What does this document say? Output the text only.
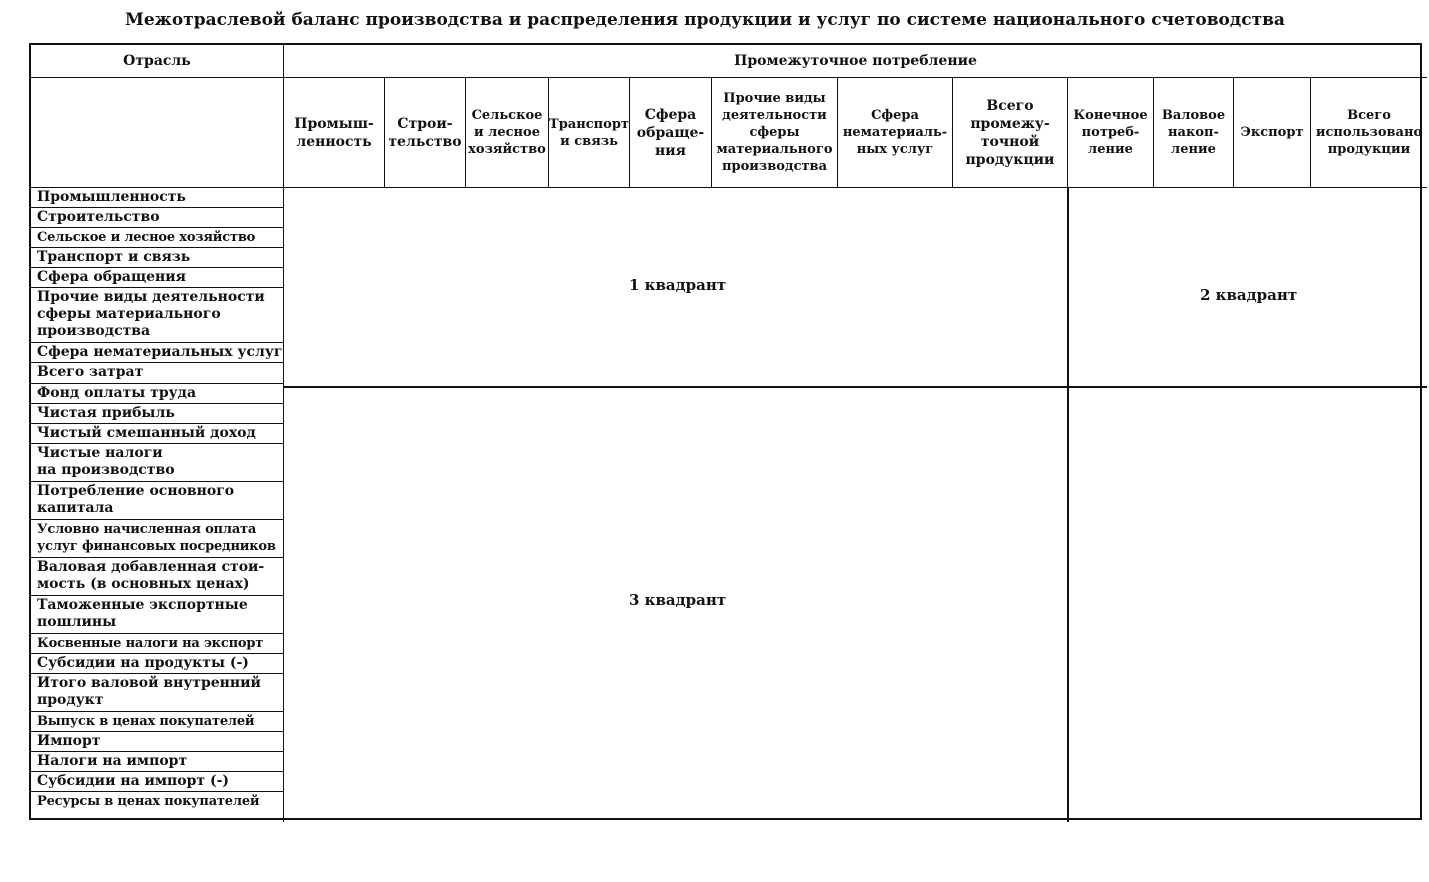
Межотраслевой баланс производства и распределения продукции и услуг по системе национального счетоводства
Отрасль	Промежуточное потребление
Промыш-
ленность
Строи-
тельство
Сельское
и лесное
хозяйство
Транспорт
и связь
Сфера
обраще-
ния
Прочие виды
деятельности
сферы
материального
производства
Сфера
нематериаль-
ных услуг
Всего
промежу-
точной
продукции
Конечное
потреб-
ление
Валовое
накоп-
ление
Экспорт
Всего
использовано
продукции
Промышленность
Строительство
Сельское и лесное хозяйство
Транспорт и связь
Сфера обращения
Прочие виды деятельности
сферы материального
производства
Сфера нематериальных услуг
Всего затрат
Фонд оплаты труда
Чистая прибыль
Чистый смешанный доход
Чистые налоги
на производство
Потребление основного
капитала
Условно начисленная оплата
услуг финансовых посредников
Валовая добавленная стои-
мость (в основных ценах)
Таможенные экспортные
пошлины
Косвенные налоги на экспорт
Субсидии на продукты (-)
Итого валовой внутренний
продукт
Выпуск в ценах покупателей
Импорт
Налоги на импорт
Субсидии на импорт (-)
Ресурсы в ценах покупателей
1 квадрант
2 квадрант
3 квадрант
